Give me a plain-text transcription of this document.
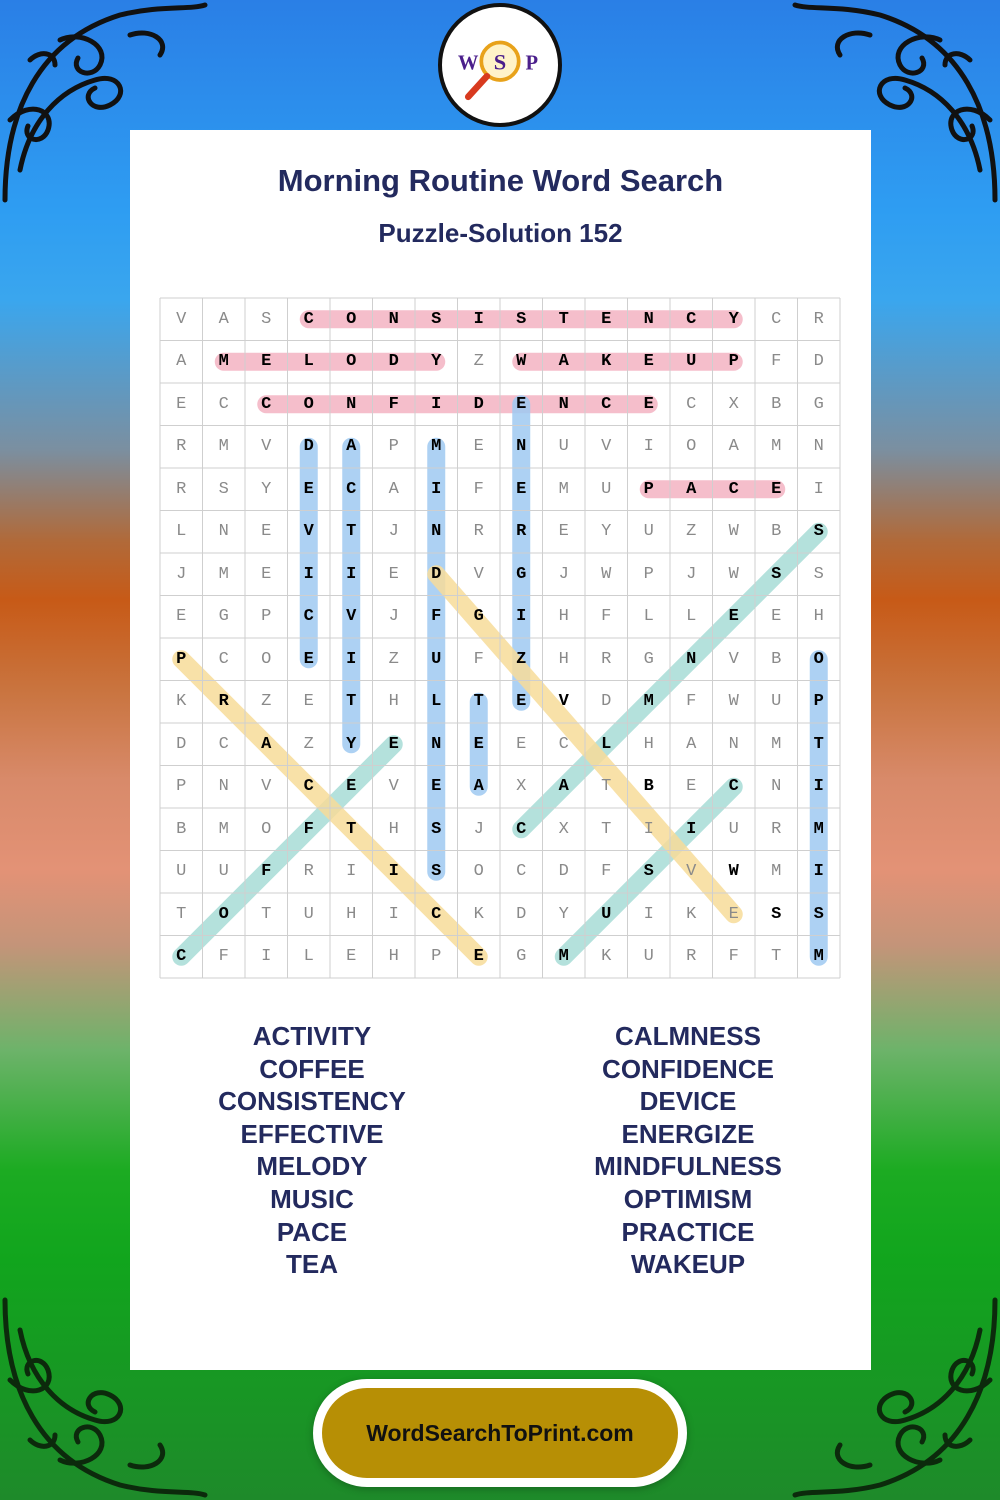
W S P
Morning Routine Word Search
Puzzle-Solution 152
V	A	S	C	O	N	S	I	S	T	E	N	C	Y	C	R
A	M	E	L	O	D	Y	Z	W	A	K	E	U	P	F	D
E	C	C	O	N	F	I	D	E	N	C	E	C	X	B	G
R	M	V	D	A	P	M	E	N	U	V	I	O	A	M	N
R	S	Y	E	C	A	I	F	E	M	U	P	A	C	E	I
L	N	E	V	T	J	N	R	R	E	Y	U	Z	W	B	S
J	M	E	I	I	E	D	V	G	J	W	P	J	W	S	S
E	G	P	C	V	J	F	G	I	H	F	L	L	E	E	H
P	C	O	E	I	Z	U	F	Z	H	R	G	N	V	B	O
K	R	Z	E	T	H	L	T	E	V	D	M	F	W	U	P
D	C	A	Z	Y	E	N	E	E	C	L	H	A	N	M	T
P	N	V	C	E	V	E	A	X	A	T	B	E	C	N	I
B	M	O	F	T	H	S	J	C	X	T	I	I	U	R	M
U	U	F	R	I	I	S	O	C	D	F	S	V	W	M	I
T	O	T	U	H	I	C	K	D	Y	U	I	K	E	S	S
C	F	I	L	E	H	P	E	G	M	K	U	R	F	T	M
ACTIVITY
COFFEE
CONSISTENCY
EFFECTIVE
MELODY
MUSIC
PACE
TEA
CALMNESS
CONFIDENCE
DEVICE
ENERGIZE
MINDFULNESS
OPTIMISM
PRACTICE
WAKEUP
WordSearchToPrint.com
